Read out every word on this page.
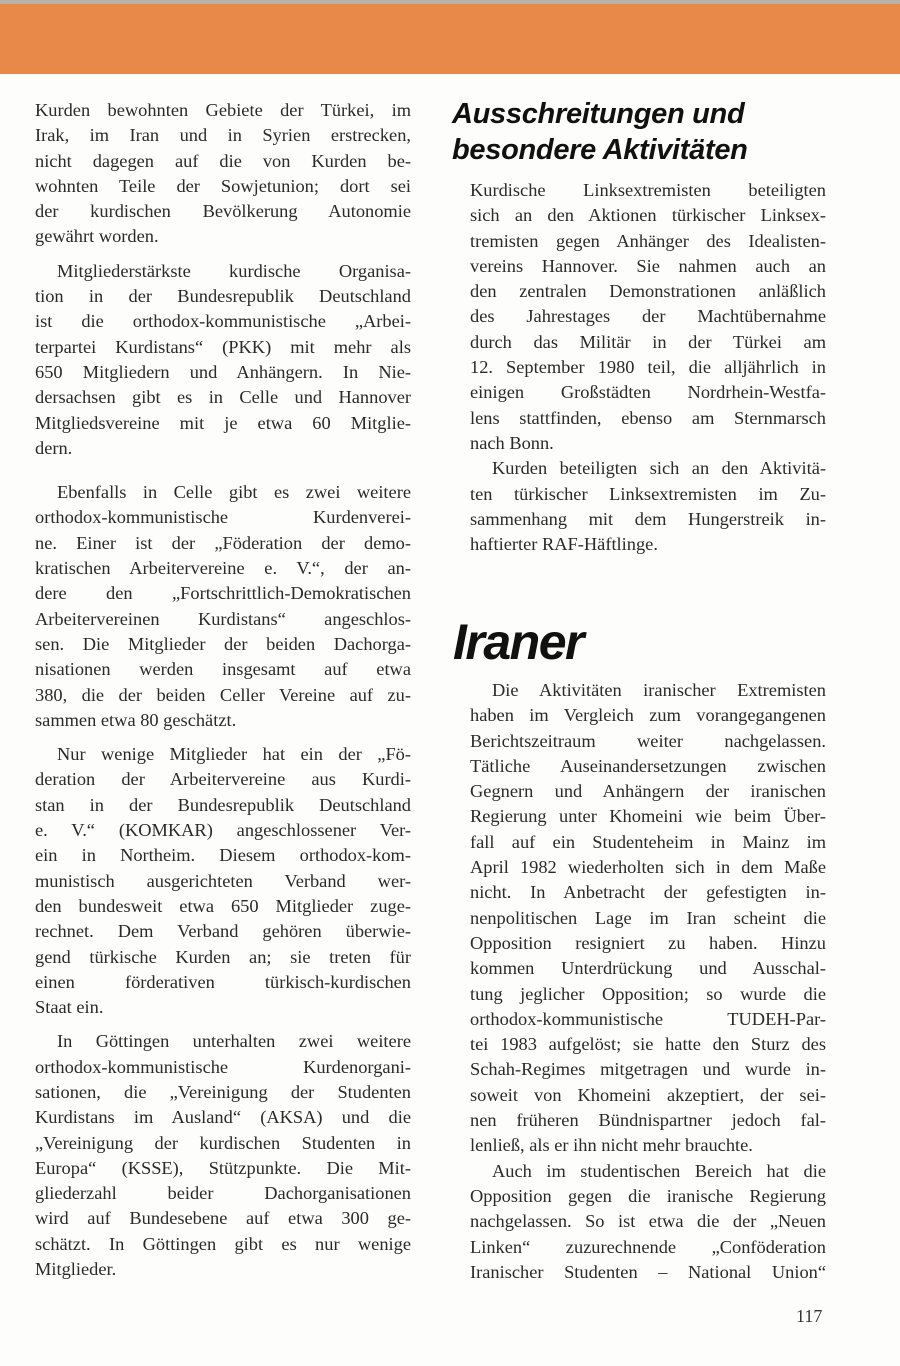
Kurden bewohnten Gebiete der Türkei, im
Irak, im Iran und in Syrien erstrecken,
nicht dagegen auf die von Kurden be-
wohnten Teile der Sowjetunion; dort sei
der kurdischen Bevölkerung Autonomie
gewährt worden.
Mitgliederstärkste kurdische Organisa-
tion in der Bundesrepublik Deutschland
ist die orthodox-kommunistische „Arbei-
terpartei Kurdistans“ (PKK) mit mehr als
650 Mitgliedern und Anhängern. In Nie-
dersachsen gibt es in Celle und Hannover
Mitgliedsvereine mit je etwa 60 Mitglie-
dern.
Ebenfalls in Celle gibt es zwei weitere
orthodox-kommunistische Kurdenverei-
ne. Einer ist der „Föderation der demo-
kratischen Arbeitervereine e. V.“, der an-
dere den „Fortschrittlich-Demokratischen
Arbeitervereinen Kurdistans“ angeschlos-
sen. Die Mitglieder der beiden Dachorga-
nisationen werden insgesamt auf etwa
380, die der beiden Celler Vereine auf zu-
sammen etwa 80 geschätzt.
Nur wenige Mitglieder hat ein der „Fö-
deration der Arbeitervereine aus Kurdi-
stan in der Bundesrepublik Deutschland
e. V.“ (KOMKAR) angeschlossener Ver-
ein in Northeim. Diesem orthodox-kom-
munistisch ausgerichteten Verband wer-
den bundesweit etwa 650 Mitglieder zuge-
rechnet. Dem Verband gehören überwie-
gend türkische Kurden an; sie treten für
einen förderativen türkisch-kurdischen
Staat ein.
In Göttingen unterhalten zwei weitere
orthodox-kommunistische Kurdenorgani-
sationen, die „Vereinigung der Studenten
Kurdistans im Ausland“ (AKSA) und die
„Vereinigung der kurdischen Studenten in
Europa“ (KSSE), Stützpunkte. Die Mit-
gliederzahl beider Dachorganisationen
wird auf Bundesebene auf etwa 300 ge-
schätzt. In Göttingen gibt es nur wenige
Mitglieder.
Ausschreitungen und
besondere Aktivitäten
Kurdische Linksextremisten beteiligten
sich an den Aktionen türkischer Linksex-
tremisten gegen Anhänger des Idealisten-
vereins Hannover. Sie nahmen auch an
den zentralen Demonstrationen anläßlich
des Jahrestages der Machtübernahme
durch das Militär in der Türkei am
12. September 1980 teil, die alljährlich in
einigen Großstädten Nordrhein-Westfa-
lens stattfinden, ebenso am Sternmarsch
nach Bonn.
Kurden beteiligten sich an den Aktivitä-
ten türkischer Linksextremisten im Zu-
sammenhang mit dem Hungerstreik in-
haftierter RAF-Häftlinge.
Iraner
Die Aktivitäten iranischer Extremisten
haben im Vergleich zum vorangegangenen
Berichtszeitraum weiter nachgelassen.
Tätliche Auseinandersetzungen zwischen
Gegnern und Anhängern der iranischen
Regierung unter Khomeini wie beim Über-
fall auf ein Studenteheim in Mainz im
April 1982 wiederholten sich in dem Maße
nicht. In Anbetracht der gefestigten in-
nenpolitischen Lage im Iran scheint die
Opposition resigniert zu haben. Hinzu
kommen Unterdrückung und Ausschal-
tung jeglicher Opposition; so wurde die
orthodox-kommunistische TUDEH-Par-
tei 1983 aufgelöst; sie hatte den Sturz des
Schah-Regimes mitgetragen und wurde in-
soweit von Khomeini akzeptiert, der sei-
nen früheren Bündnispartner jedoch fal-
lenließ, als er ihn nicht mehr brauchte.
Auch im studentischen Bereich hat die
Opposition gegen die iranische Regierung
nachgelassen. So ist etwa die der „Neuen
Linken“ zuzurechnende „Conföderation
Iranischer Studenten – National Union“
117
